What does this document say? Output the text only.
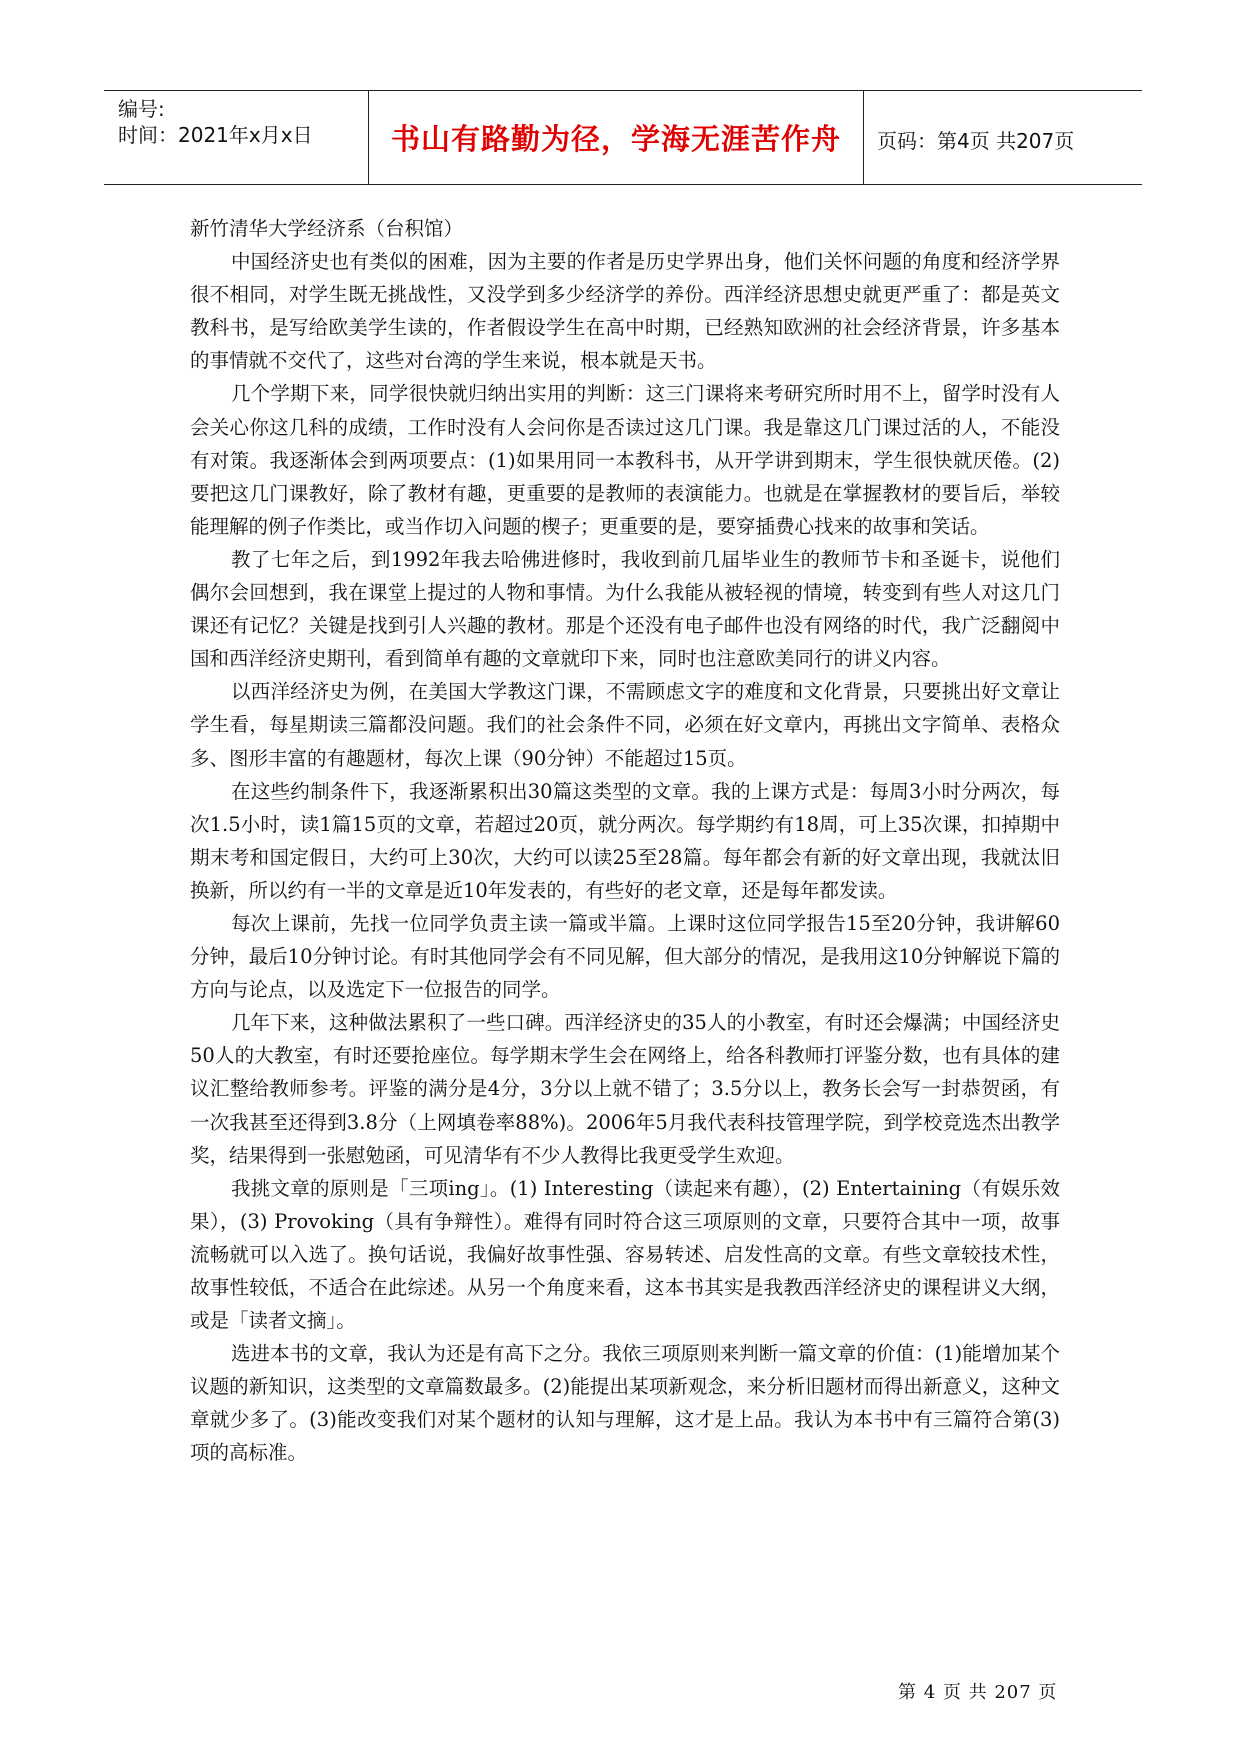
编号:
时间：2021年x月x日	书山有路勤为径，学海无涯苦作舟	页码：第4页 共207页

新竹清华大学经济系（台积馆）

中国经济史也有类似的困难，因为主要的作者是历史学界出身，他们关怀问题的角度和经济学界很不相同，对学生既无挑战性，又没学到多少经济学的养份。西洋经济思想史就更严重了：都是英文教科书，是写给欧美学生读的，作者假设学生在高中时期，已经熟知欧洲的社会经济背景，许多基本的事情就不交代了，这些对台湾的学生来说，根本就是天书。

几个学期下来，同学很快就归纳出实用的判断：这三门课将来考研究所时用不上，留学时没有人会关心你这几科的成绩，工作时没有人会问你是否读过这几门课。我是靠这几门课过活的人，不能没有对策。我逐渐体会到两项要点：(1)如果用同一本教科书，从开学讲到期末，学生很快就厌倦。(2)要把这几门课教好，除了教材有趣，更重要的是教师的表演能力。也就是在掌握教材的要旨后，举较能理解的例子作类比，或当作切入问题的楔子；更重要的是，要穿插费心找来的故事和笑话。

教了七年之后，到1992年我去哈佛进修时，我收到前几届毕业生的教师节卡和圣诞卡，说他们偶尔会回想到，我在课堂上提过的人物和事情。为什么我能从被轻视的情境，转变到有些人对这几门课还有记忆？关键是找到引人兴趣的教材。那是个还没有电子邮件也没有网络的时代，我广泛翻阅中国和西洋经济史期刊，看到简单有趣的文章就印下来，同时也注意欧美同行的讲义内容。

以西洋经济史为例，在美国大学教这门课，不需顾虑文字的难度和文化背景，只要挑出好文章让学生看，每星期读三篇都没问题。我们的社会条件不同，必须在好文章内，再挑出文字简单、表格众多、图形丰富的有趣题材，每次上课（90分钟）不能超过15页。

在这些约制条件下，我逐渐累积出30篇这类型的文章。我的上课方式是：每周3小时分两次，每次1.5小时，读1篇15页的文章，若超过20页，就分两次。每学期约有18周，可上35次课，扣掉期中期末考和国定假日，大约可上30次，大约可以读25至28篇。每年都会有新的好文章出现，我就汰旧换新，所以约有一半的文章是近10年发表的，有些好的老文章，还是每年都发读。

每次上课前，先找一位同学负责主读一篇或半篇。上课时这位同学报告15至20分钟，我讲解60分钟，最后10分钟讨论。有时其他同学会有不同见解，但大部分的情况，是我用这10分钟解说下篇的方向与论点，以及选定下一位报告的同学。

几年下来，这种做法累积了一些口碑。西洋经济史的35人的小教室，有时还会爆满；中国经济史50人的大教室，有时还要抢座位。每学期末学生会在网络上，给各科教师打评鉴分数，也有具体的建议汇整给教师参考。评鉴的满分是4分，3分以上就不错了；3.5分以上，教务长会写一封恭贺函，有一次我甚至还得到3.8分（上网填卷率88%)。2006年5月我代表科技管理学院，到学校竞选杰出教学奖，结果得到一张慰勉函，可见清华有不少人教得比我更受学生欢迎。

我挑文章的原则是「三项ing」。(1) Interesting（读起来有趣），(2) Entertaining（有娱乐效果），(3) Provoking（具有争辩性）。难得有同时符合这三项原则的文章，只要符合其中一项，故事流畅就可以入选了。换句话说，我偏好故事性强、容易转述、启发性高的文章。有些文章较技术性，故事性较低，不适合在此综述。从另一个角度来看，这本书其实是我教西洋经济史的课程讲义大纲，或是「读者文摘」。

选进本书的文章，我认为还是有高下之分。我依三项原则来判断一篇文章的价值：(1)能增加某个议题的新知识，这类型的文章篇数最多。(2)能提出某项新观念，来分析旧题材而得出新意义，这种文章就少多了。(3)能改变我们对某个题材的认知与理解，这才是上品。我认为本书中有三篇符合第(3)项的高标准。

第 4 页 共 207 页
